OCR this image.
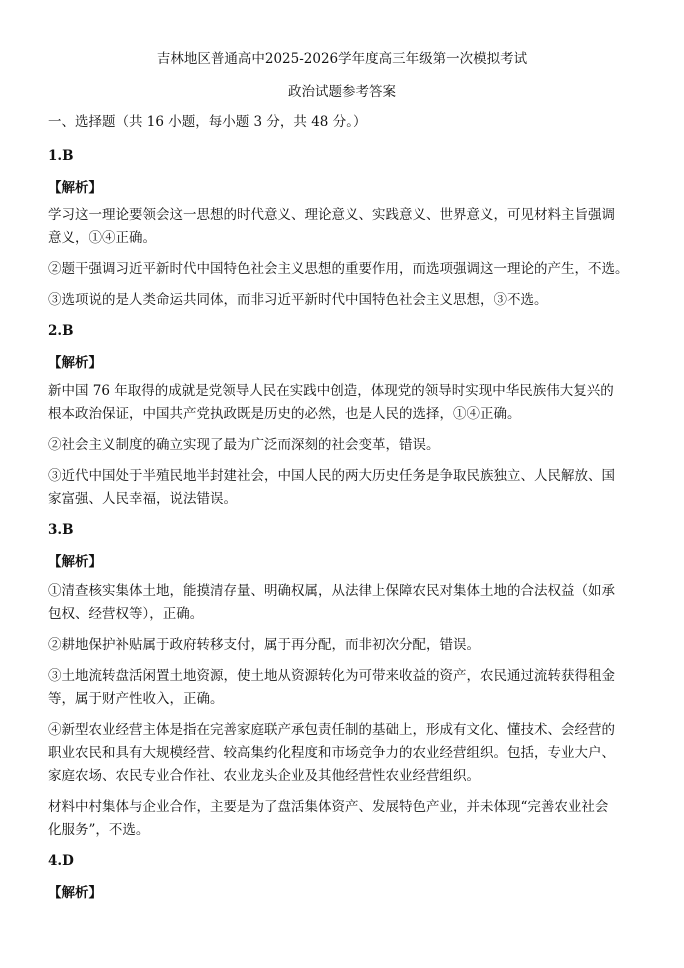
吉林地区普通高中2025-2026学年度高三年级第一次模拟考试
政治试题参考答案
一、选择题（共 16 小题，每小题 3 分，共 48 分。）
1.B
【解析】
学习这一理论要领会这一思想的时代意义、理论意义、实践意义、世界意义，可见材料主旨强调
意义，①④正确。
②题干强调习近平新时代中国特色社会主义思想的重要作用，而选项强调这一理论的产生，不选。
③选项说的是人类命运共同体，而非习近平新时代中国特色社会主义思想，③不选。
2.B
【解析】
新中国 76 年取得的成就是党领导人民在实践中创造，体现党的领导时实现中华民族伟大复兴的
根本政治保证，中国共产党执政既是历史的必然，也是人民的选择，①④正确。
②社会主义制度的确立实现了最为广泛而深刻的社会变革，错误。
③近代中国处于半殖民地半封建社会，中国人民的两大历史任务是争取民族独立、人民解放、国
家富强、人民幸福，说法错误。
3.B
【解析】
①清查核实集体土地，能摸清存量、明确权属，从法律上保障农民对集体土地的合法权益（如承
包权、经营权等），正确。
②耕地保护补贴属于政府转移支付，属于再分配，而非初次分配，错误。
③土地流转盘活闲置土地资源，使土地从资源转化为可带来收益的资产，农民通过流转获得租金
等，属于财产性收入，正确。
④新型农业经营主体是指在完善家庭联产承包责任制的基础上，形成有文化、懂技术、会经营的
职业农民和具有大规模经营、较高集约化程度和市场竞争力的农业经营组织。包括，专业大户、
家庭农场、农民专业合作社、农业龙头企业及其他经营性农业经营组织。
材料中村集体与企业合作，主要是为了盘活集体资产、发展特色产业，并未体现“完善农业社会
化服务”，不选。
4.D
【解析】
